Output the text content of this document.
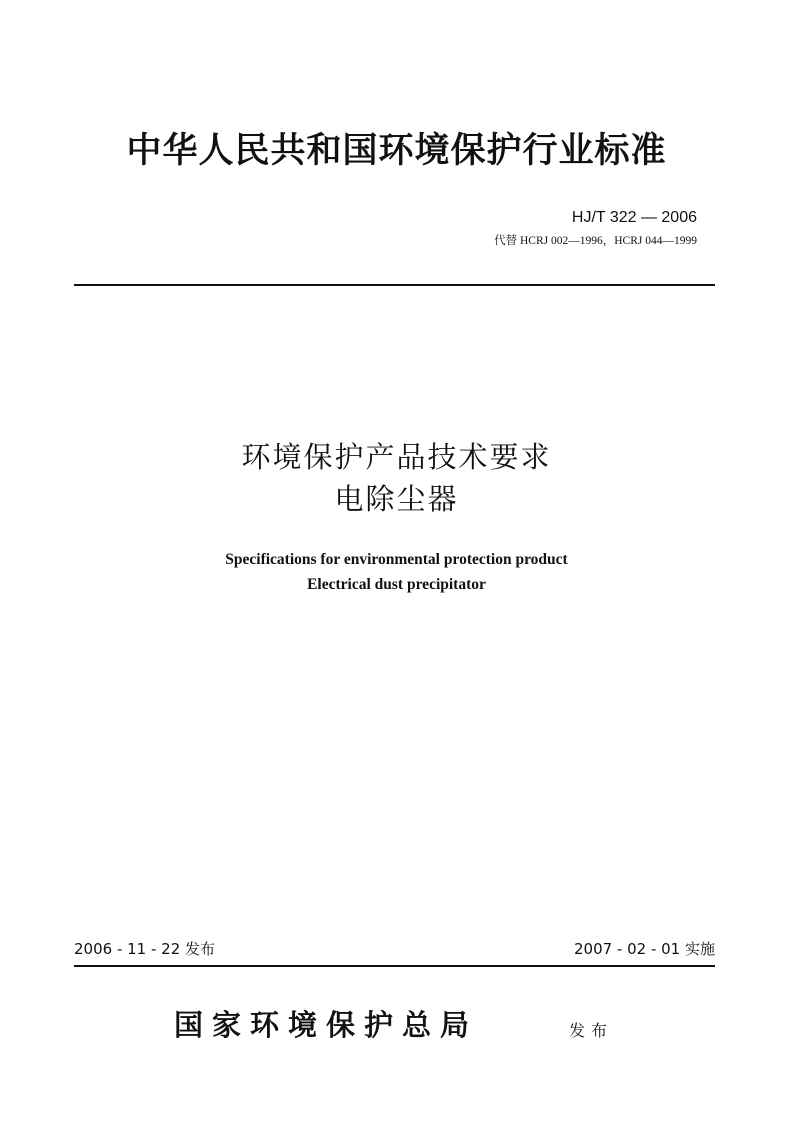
中华人民共和国环境保护行业标准
HJ/T 322 — 2006
代替 HCRJ 002—1996，HCRJ 044—1999
环境保护产品技术要求
电除尘器
Specifications for environmental protection product
Electrical dust precipitator
2006 - 11 - 22 发布	2007 - 02 - 01 实施
国家环境保护总局	发布
